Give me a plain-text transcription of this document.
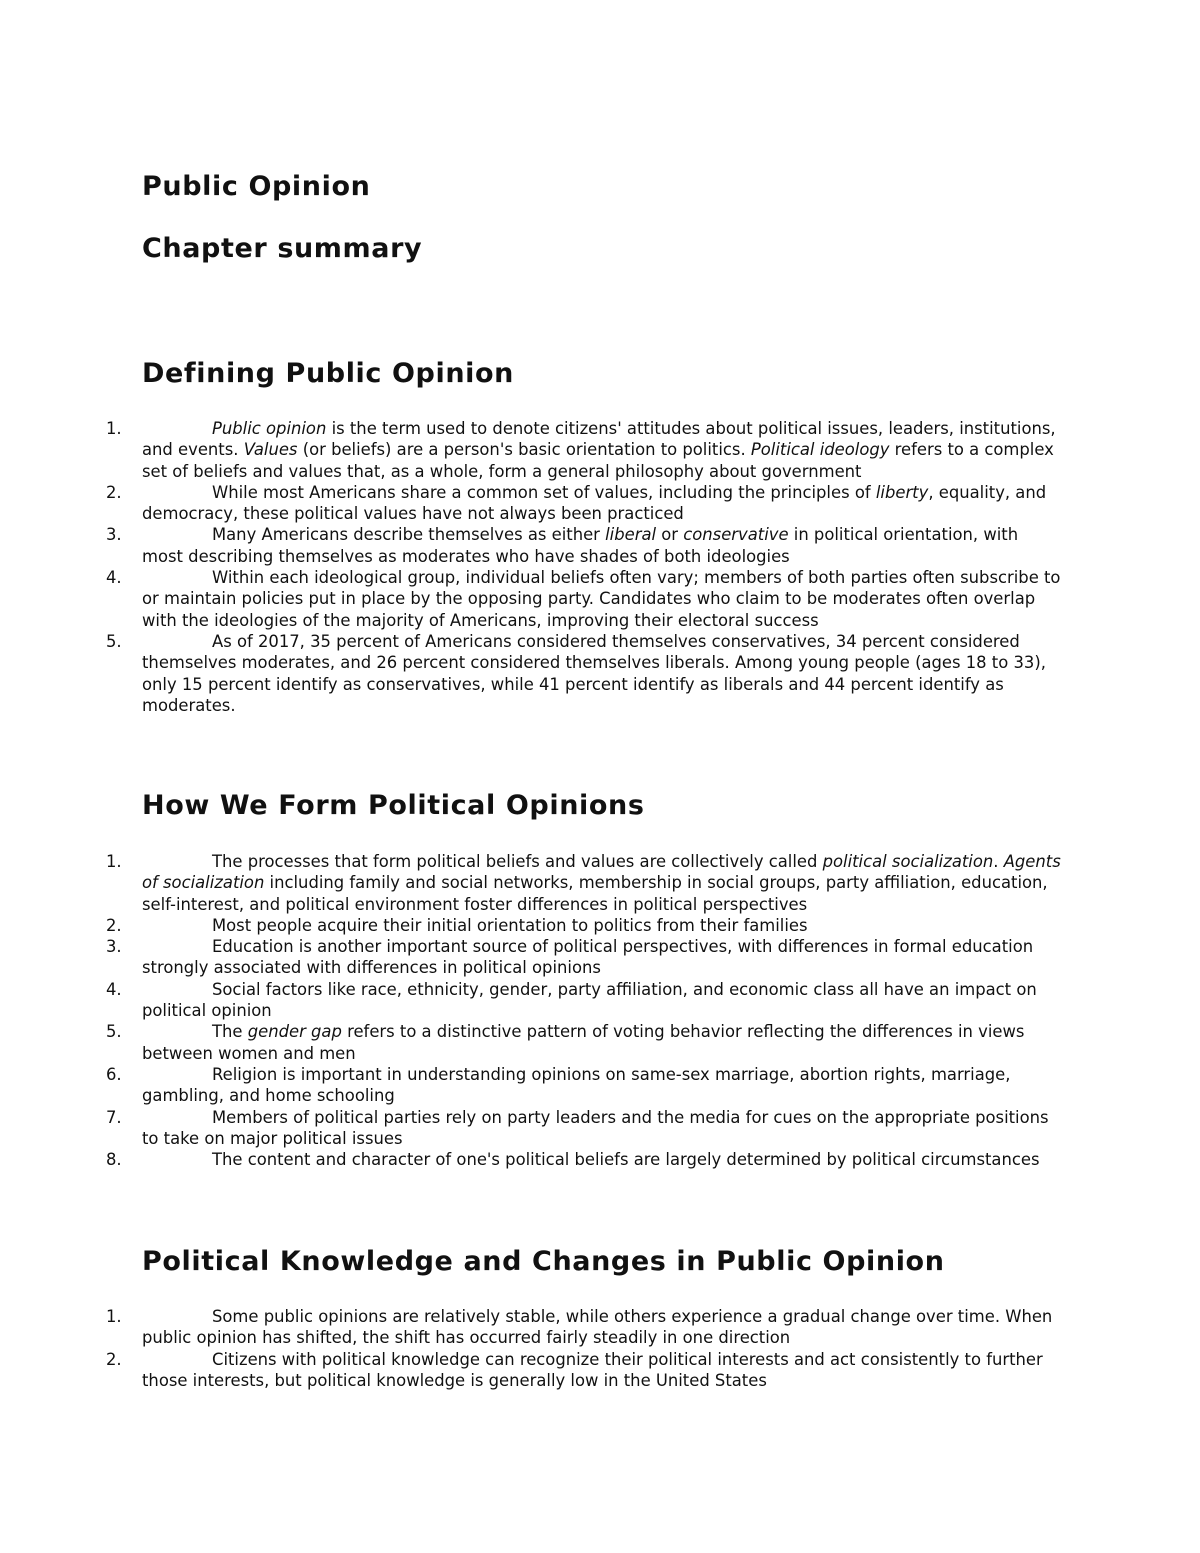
Public Opinion
Chapter summary
Defining Public Opinion
1.	Public opinion is the term used to denote citizens' attitudes about political issues, leaders, institutions, and events. Values (or beliefs) are a person's basic orientation to politics. Political ideology refers to a complex set of beliefs and values that, as a whole, form a general philosophy about government
2.	While most Americans share a common set of values, including the principles of liberty, equality, and democracy, these political values have not always been practiced
3.	Many Americans describe themselves as either liberal or conservative in political orientation, with most describing themselves as moderates who have shades of both ideologies
4.	Within each ideological group, individual beliefs often vary; members of both parties often subscribe to or maintain policies put in place by the opposing party. Candidates who claim to be moderates often overlap with the ideologies of the majority of Americans, improving their electoral success
5.	As of 2017, 35 percent of Americans considered themselves conservatives, 34 percent considered themselves moderates, and 26 percent considered themselves liberals. Among young people (ages 18 to 33), only 15 percent identify as conservatives, while 41 percent identify as liberals and 44 percent identify as moderates.
How We Form Political Opinions
1.	The processes that form political beliefs and values are collectively called political socialization. Agents of socialization including family and social networks, membership in social groups, party affiliation, education, self-interest, and political environment foster differences in political perspectives
2.	Most people acquire their initial orientation to politics from their families
3.	Education is another important source of political perspectives, with differences in formal education strongly associated with differences in political opinions
4.	Social factors like race, ethnicity, gender, party affiliation, and economic class all have an impact on political opinion
5.	The gender gap refers to a distinctive pattern of voting behavior reflecting the differences in views between women and men
6.	Religion is important in understanding opinions on same-sex marriage, abortion rights, marriage, gambling, and home schooling
7.	Members of political parties rely on party leaders and the media for cues on the appropriate positions to take on major political issues
8.	The content and character of one's political beliefs are largely determined by political circumstances
Political Knowledge and Changes in Public Opinion
1.	Some public opinions are relatively stable, while others experience a gradual change over time. When public opinion has shifted, the shift has occurred fairly steadily in one direction
2.	Citizens with political knowledge can recognize their political interests and act consistently to further those interests, but political knowledge is generally low in the United States
